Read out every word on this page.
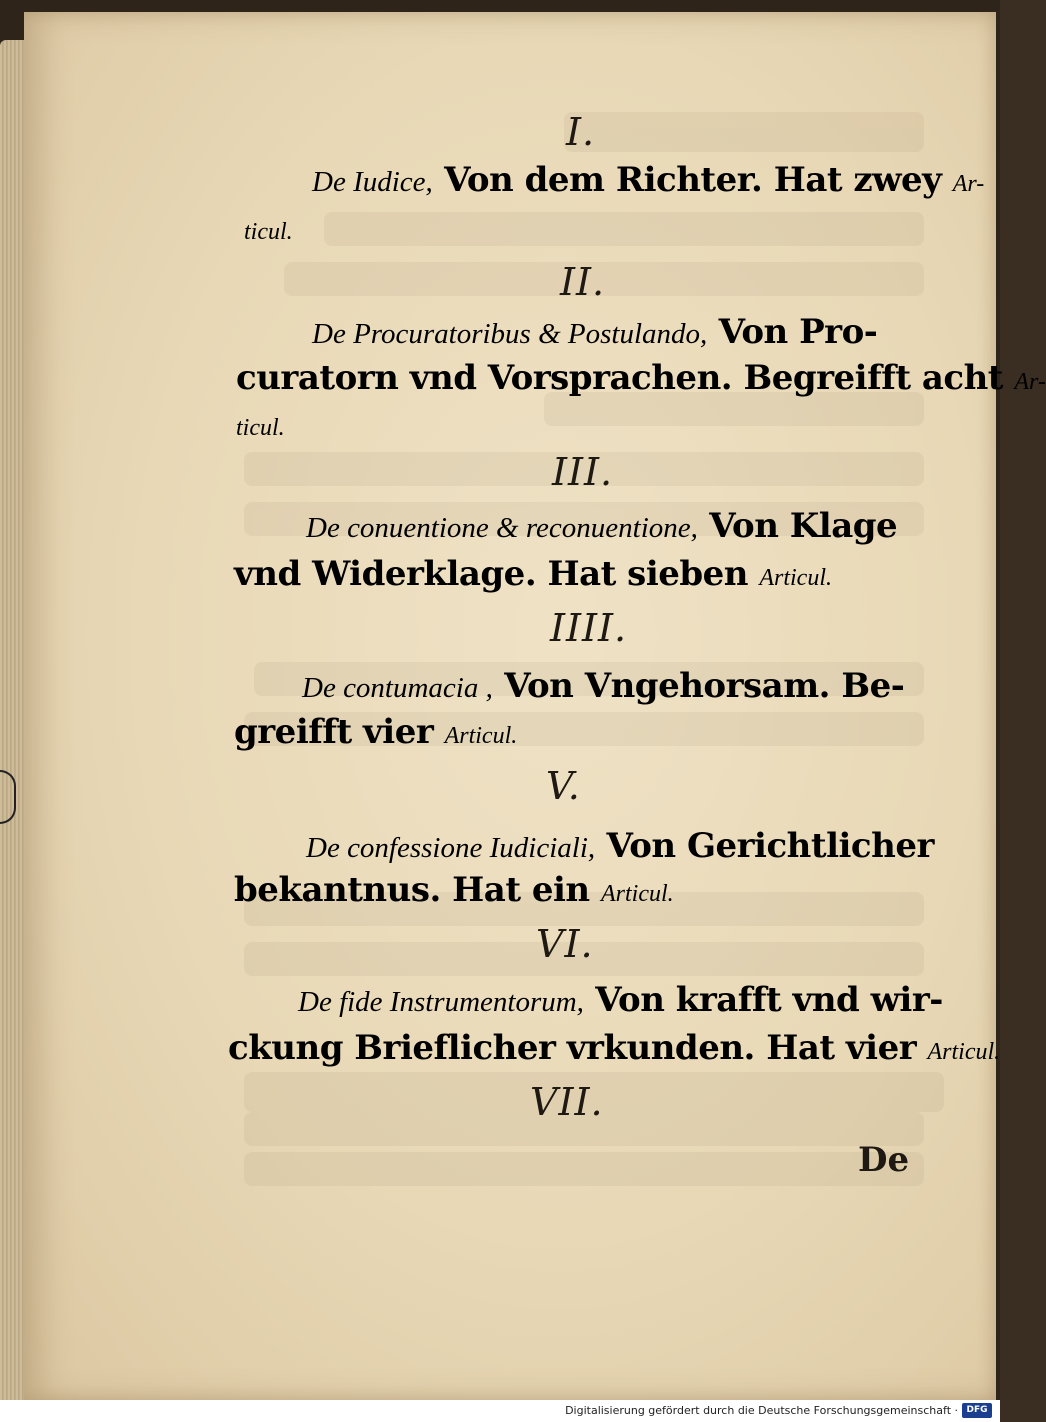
I.
De Iudice, Von dem Richter. Hat zwey Ar-
ticul.
II.
De Procuratoribus & Postulando, Von Pro-
curatorn vnd Vorsprachen. Begreifft acht Ar-
ticul.
III.
De conuentione & reconuentione, Von Klage
vnd Widerklage. Hat sieben Articul.
IIII.
De contumacia , Von Vngehorsam. Be-
greifft vier Articul.
V.
De confessione Iudiciali, Von Gerichtlicher
bekantnus. Hat ein Articul.
VI.
De fide Instrumentorum, Von krafft vnd wir-
ckung Brieflicher vrkunden. Hat vier Articul.
VII.
De
Digitalisierung gefördert durch die Deutsche Forschungsgemeinschaft · DFG
